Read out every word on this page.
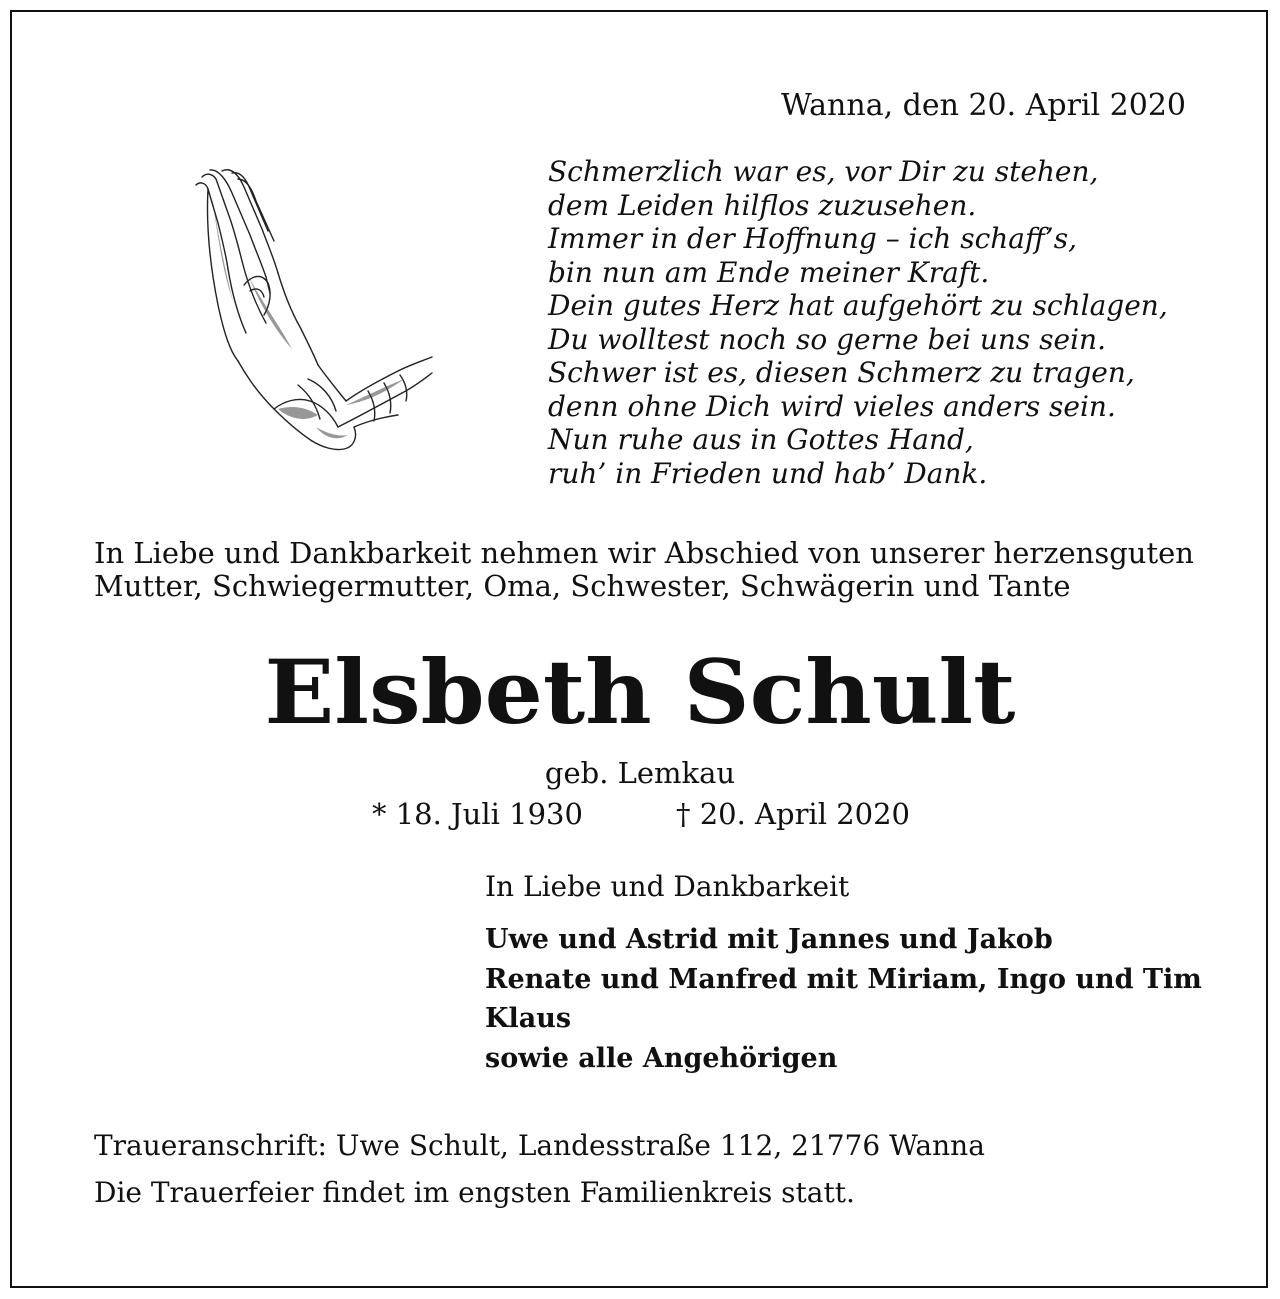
Wanna, den 20. April 2020
Schmerzlich war es, vor Dir zu stehen,
dem Leiden hilflos zuzusehen.
Immer in der Hoffnung – ich schaff’s,
bin nun am Ende meiner Kraft.
Dein gutes Herz hat aufgehört zu schlagen,
Du wolltest noch so gerne bei uns sein.
Schwer ist es, diesen Schmerz zu tragen,
denn ohne Dich wird vieles anders sein.
Nun ruhe aus in Gottes Hand,
ruh’ in Frieden und hab’ Dank.
In Liebe und Dankbarkeit nehmen wir Abschied von unserer herzensguten
Mutter, Schwiegermutter, Oma, Schwester, Schwägerin und Tante
Elsbeth Schult
geb. Lemkau
* 18. Juli 1930	† 20. April 2020
In Liebe und Dankbarkeit
Uwe und Astrid mit Jannes und Jakob
Renate und Manfred mit Miriam, Ingo und Tim
Klaus
sowie alle Angehörigen
Traueranschrift: Uwe Schult, Landesstraße 112, 21776 Wanna
Die Trauerfeier findet im engsten Familienkreis statt.
